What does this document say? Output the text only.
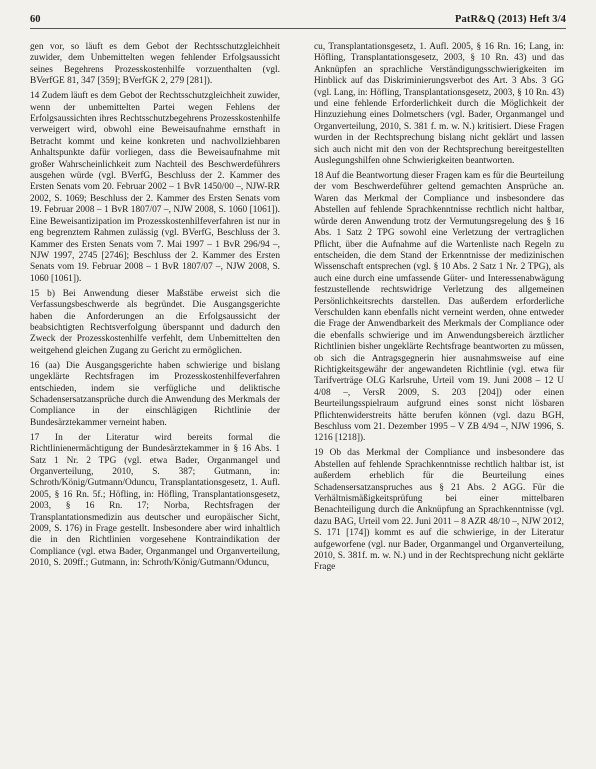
60	PatR&Q (2013) Heft 3/4

gen vor, so läuft es dem Gebot der Rechtsschutzgleichheit zuwider, dem Unbemittelten wegen fehlender Erfolgsaussicht seines Begehrens Prozesskostenhilfe vorzuenthalten (vgl. BVerfGE 81, 347 [359]; BVerfGK 2, 279 [281]).

14 Zudem läuft es dem Gebot der Rechtsschutzgleichheit zuwider, wenn der unbemittelten Partei wegen Fehlens der Erfolgsaussichten ihres Rechtsschutzbegehrens Prozesskostenhilfe verweigert wird, obwohl eine Beweisaufnahme ernsthaft in Betracht kommt und keine konkreten und nachvollziehbaren Anhaltspunkte dafür vorliegen, dass die Beweisaufnahme mit großer Wahrscheinlichkeit zum Nachteil des Beschwerdeführers ausgehen würde (vgl. BVerfG, Beschluss der 2. Kammer des Ersten Senats vom 20. Februar 2002 – 1 BvR 1450/00 –, NJW-RR 2002, S. 1069; Beschluss der 2. Kammer des Ersten Senats vom 19. Februar 2008 – 1 BvR 1807/07 –, NJW 2008, S. 1060 [1061]). Eine Beweisantizipation im Prozesskostenhilfeverfahren ist nur in eng begrenztem Rahmen zulässig (vgl. BVerfG, Beschluss der 3. Kammer des Ersten Senats vom 7. Mai 1997 – 1 BvR 296/94 –, NJW 1997, 2745 [2746]; Beschluss der 2. Kammer des Ersten Senats vom 19. Februar 2008 – 1 BvR 1807/07 –, NJW 2008, S. 1060 [1061]).

15 b) Bei Anwendung dieser Maßstäbe erweist sich die Verfassungsbeschwerde als begründet. Die Ausgangsgerichte haben die Anforderungen an die Erfolgsaussicht der beabsichtigten Rechtsverfolgung überspannt und dadurch den Zweck der Prozesskostenhilfe verfehlt, dem Unbemittelten den weitgehend gleichen Zugang zu Gericht zu ermöglichen.

16 (aa) Die Ausgangsgerichte haben schwierige und bislang ungeklärte Rechtsfragen im Prozesskostenhilfeverfahren entschieden, indem sie verfügliche und deliktische Schadensersatzansprüche durch die Anwendung des Merkmals der Compliance in der einschlägigen Richtlinie der Bundesärztekammer verneint haben.

17 In der Literatur wird bereits formal die Richtlinienermächtigung der Bundesärztekammer in § 16 Abs. 1 Satz 1 Nr. 2 TPG (vgl. etwa Bader, Organmangel und Organverteilung, 2010, S. 387; Gutmann, in: Schroth/König/Gutmann/Oduncu, Transplantationsgesetz, 1. Aufl. 2005, § 16 Rn. 5f.; Höfling, in: Höfling, Transplantationsgesetz, 2003, § 16 Rn. 17; Norba, Rechtsfragen der Transplantationsmedizin aus deutscher und europäischer Sicht, 2009, S. 176) in Frage gestellt. Insbesondere aber wird inhaltlich die in den Richtlinien vorgesehene Kontraindikation der Compliance (vgl. etwa Bader, Organmangel und Organverteilung, 2010, S. 209ff.; Gutmann, in: Schroth/König/Gutmann/Oduncu,

cu, Transplantationsgesetz, 1. Aufl. 2005, § 16 Rn. 16; Lang, in: Höfling, Transplantationsgesetz, 2003, § 10 Rn. 43) und das Anknüpfen an sprachliche Verständigungsschwierigkeiten im Hinblick auf das Diskriminierungsverbot des Art. 3 Abs. 3 GG (vgl. Lang, in: Höfling, Transplantationsgesetz, 2003, § 10 Rn. 43) und eine fehlende Erforderlichkeit durch die Möglichkeit der Hinzuziehung eines Dolmetschers (vgl. Bader, Organmangel und Organverteilung, 2010, S. 381 f. m. w. N.) kritisiert. Diese Fragen wurden in der Rechtsprechung bislang nicht geklärt und lassen sich auch nicht mit den von der Rechtsprechung bereitgestellten Auslegungshilfen ohne Schwierigkeiten beantworten.

18 Auf die Beantwortung dieser Fragen kam es für die Beurteilung der vom Beschwerdeführer geltend gemachten Ansprüche an. Waren das Merkmal der Compliance und insbesondere das Abstellen auf fehlende Sprachkenntnisse rechtlich nicht haltbar, würde deren Anwendung trotz der Vermutungsregelung des § 16 Abs. 1 Satz 2 TPG sowohl eine Verletzung der vertraglichen Pflicht, über die Aufnahme auf die Wartenliste nach Regeln zu entscheiden, die dem Stand der Erkenntnisse der medizinischen Wissenschaft entsprechen (vgl. § 10 Abs. 2 Satz 1 Nr. 2 TPG), als auch eine durch eine umfassende Güter- und Interessenabwägung festzustellende rechtswidrige Verletzung des allgemeinen Persönlichkeitsrechts darstellen. Das außerdem erforderliche Verschulden kann ebenfalls nicht verneint werden, ohne entweder die Frage der Anwendbarkeit des Merkmals der Compliance oder die ebenfalls schwierige und im Anwendungsbereich ärztlicher Richtlinien bisher ungeklärte Rechtsfrage beantworten zu müssen, ob sich die Antragsgegnerin hier ausnahmsweise auf eine Richtigkeitsgewähr der angewandeten Richtlinie (vgl. etwa für Tarifverträge OLG Karlsruhe, Urteil vom 19. Juni 2008 – 12 U 4/08 –, VersR 2009, S. 203 [204]) oder einen Beurteilungsspielraum aufgrund eines sonst nicht lösbaren Pflichtenwiderstreits hätte berufen können (vgl. dazu BGH, Beschluss vom 21. Dezember 1995 – V ZB 4/94 –, NJW 1996, S. 1216 [1218]).

19 Ob das Merkmal der Compliance und insbesondere das Abstellen auf fehlende Sprachkenntnisse rechtlich haltbar ist, ist außerdem erheblich für die Beurteilung eines Schadensersatzanspruches aus § 21 Abs. 2 AGG. Für die Verhältnismäßigkeitsprüfung bei einer mittelbaren Benachteiligung durch die Anknüpfung an Sprachkenntnisse (vgl. dazu BAG, Urteil vom 22. Juni 2011 – 8 AZR 48/10 –, NJW 2012, S. 171 [174]) kommt es auf die schwierige, in der Literatur aufgeworfene (vgl. nur Bader, Organmangel und Organverteilung, 2010, S. 381f. m. w. N.) und in der Rechtsprechung nicht geklärte Frage
